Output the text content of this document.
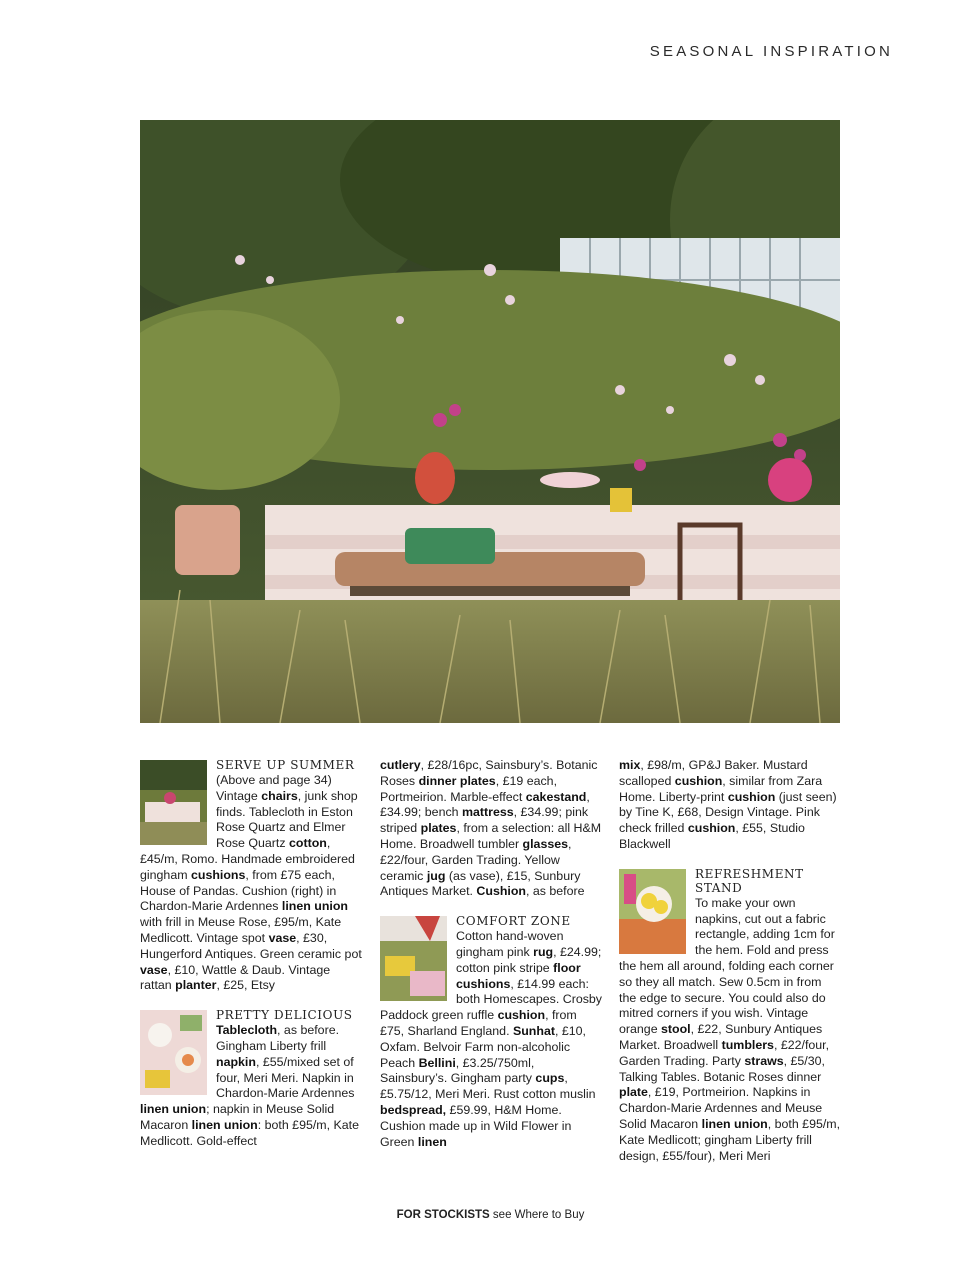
SEASONAL INSPIRATION

SERVE UP SUMMER
(Above and page 34) Vintage chairs, junk shop finds. Tablecloth in Eston Rose Quartz and Elmer Rose Quartz cotton, £45/m, Romo. Handmade embroidered gingham cushions, from £75 each, House of Pandas. Cushion (right) in Chardon-Marie Ardennes linen union with frill in Meuse Rose, £95/m, Kate Medlicott. Vintage spot vase, £30, Hungerford Antiques. Green ceramic pot vase, £10, Wattle & Daub. Vintage rattan planter, £25, Etsy

PRETTY DELICIOUS
Tablecloth, as before. Gingham Liberty frill napkin, £55/mixed set of four, Meri Meri. Napkin in Chardon-Marie Ardennes linen union; napkin in Meuse Solid Macaron linen union: both £95/m, Kate Medlicott. Gold-effect

cutlery, £28/16pc, Sainsbury’s. Botanic Roses dinner plates, £19 each, Portmeirion. Marble-effect cakestand, £34.99; bench mattress, £34.99; pink striped plates, from a selection: all H&M Home. Broadwell tumbler glasses, £22/four, Garden Trading. Yellow ceramic jug (as vase), £15, Sunbury Antiques Market. Cushion, as before

COMFORT ZONE
Cotton hand-woven gingham pink rug, £24.99; cotton pink stripe floor cushions, £14.99 each: both Homescapes. Crosby Paddock green ruffle cushion, from £75, Sharland England. Sunhat, £10, Oxfam. Belvoir Farm non-alcoholic Peach Bellini, £3.25/750ml, Sainsbury’s. Gingham party cups, £5.75/12, Meri Meri. Rust cotton muslin bedspread, £59.99, H&M Home. Cushion made up in Wild Flower in Green linen

mix, £98/m, GP&J Baker. Mustard scalloped cushion, similar from Zara Home. Liberty-print cushion (just seen) by Tine K, £68, Design Vintage. Pink check frilled cushion, £55, Studio Blackwell

REFRESHMENT STAND
To make your own napkins, cut out a fabric rectangle, adding 1cm for the hem. Fold and press the hem all around, folding each corner so they all match. Sew 0.5cm in from the edge to secure. You could also do mitred corners if you wish. Vintage orange stool, £22, Sunbury Antiques Market. Broadwell tumblers, £22/four, Garden Trading. Party straws, £5/30, Talking Tables. Botanic Roses dinner plate, £19, Portmeirion. Napkins in Chardon-Marie Ardennes and Meuse Solid Macaron linen union, both £95/m, Kate Medlicott; gingham Liberty frill design, £55/four), Meri Meri

FOR STOCKISTS see Where to Buy
